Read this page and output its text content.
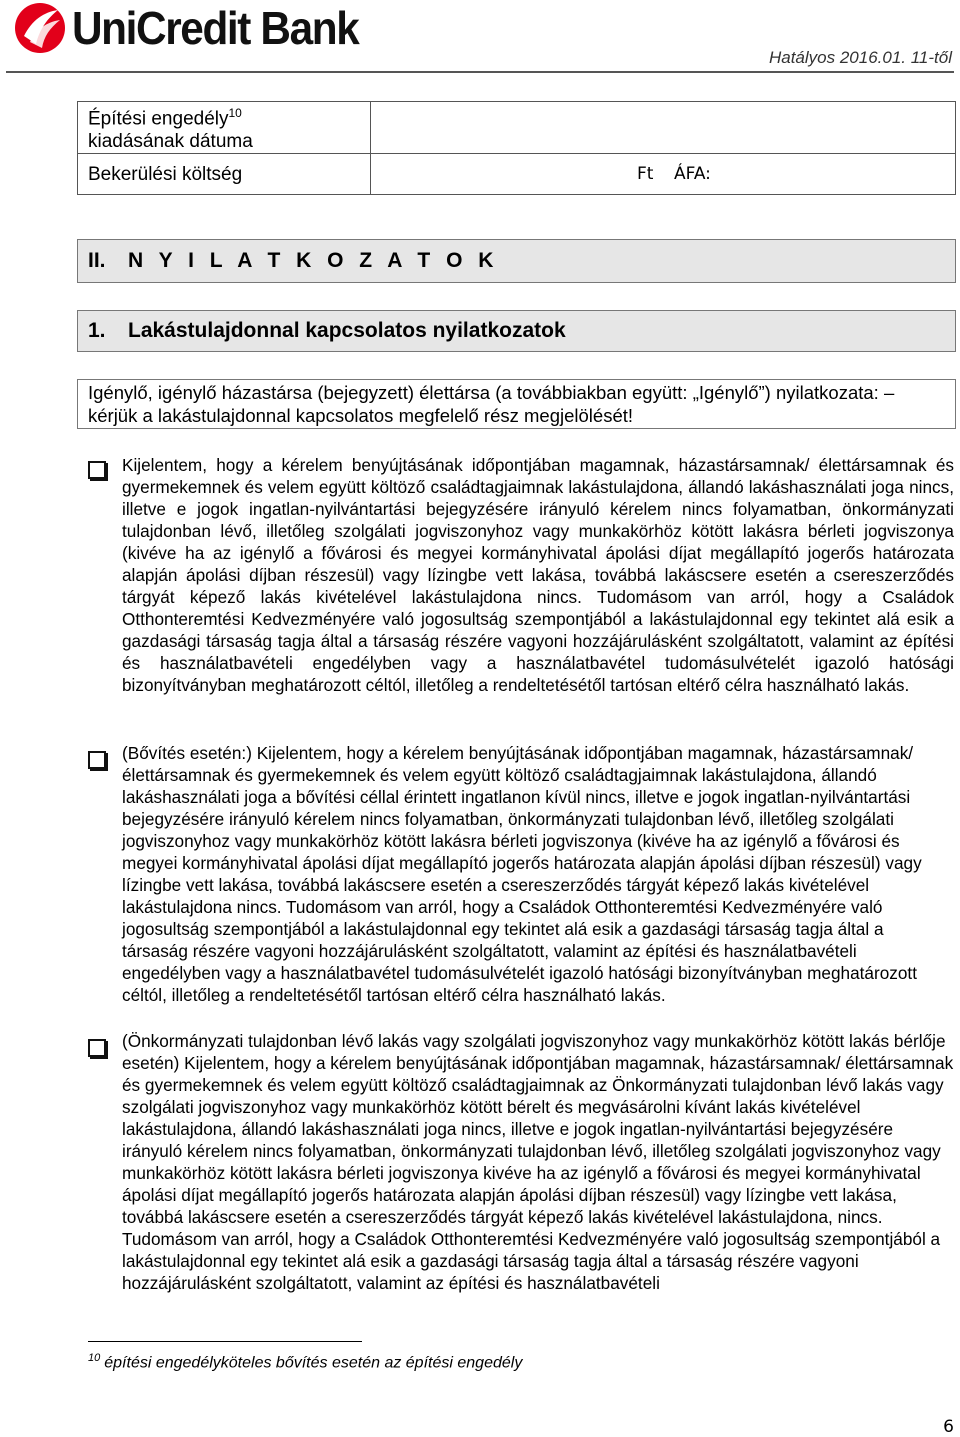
UniCredit Bank
Hatályos 2016.01. 11-től
Építési engedély$^{10}$
kiadásának dátuma	
Bekerülési költség	Ft ÁFA:
II.	N Y I L A T K O Z A T O K
1.	Lakástulajdonnal kapcsolatos nyilatkozatok
Igénylő, igénylő házastársa (bejegyzett) élettársa (a továbbiakban együtt: „Igénylő”) nyilatkozata: – kérjük a lakástulajdonnal kapcsolatos megfelelő rész megjelölését!

Kijelentem, hogy a kérelem benyújtásának időpontjában magamnak, házastársamnak/ élettársamnak és gyermekemnek és velem együtt költöző családtagjaimnak lakástulajdona, állandó lakáshasználati joga nincs, illetve e jogok ingatlan-nyilvántartási bejegyzésére irányuló kérelem nincs folyamatban, önkormányzati tulajdonban lévő, illetőleg szolgálati jogviszonyhoz vagy munkakörhöz kötött lakásra bérleti jogviszonya (kivéve ha az igénylő a fővárosi és megyei kormányhivatal ápolási díjat megállapító jogerős határozata alapján ápolási díjban részesül) vagy lízingbe vett lakása, továbbá lakáscsere esetén a csereszerződés tárgyát képező lakás kivételével lakástulajdona nincs. Tudomásom van arról, hogy a Családok Otthonteremtési Kedvezményére való jogosultság szempontjából a lakástulajdonnal egy tekintet alá esik a gazdasági társaság tagja által a társaság részére vagyoni hozzájárulásként szolgáltatott, valamint az építési és használatbavételi engedélyben vagy a használatbavétel tudomásulvételét igazoló hatósági bizonyítványban meghatározott céltól, illetőleg a rendeltetésétől tartósan eltérő célra használható lakás.

(Bővítés esetén:) Kijelentem, hogy a kérelem benyújtásának időpontjában magamnak, házastársamnak/ élettársamnak és gyermekemnek és velem együtt költöző családtagjaimnak lakástulajdona, állandó lakáshasználati joga a bővítési céllal érintett ingatlanon kívül nincs, illetve e jogok ingatlan-nyilvántartási bejegyzésére irányuló kérelem nincs folyamatban, önkormányzati tulajdonban lévő, illetőleg szolgálati jogviszonyhoz vagy munkakörhöz kötött lakásra bérleti jogviszonya (kivéve ha az igénylő a fővárosi és megyei kormányhivatal ápolási díjat megállapító jogerős határozata alapján ápolási díjban részesül) vagy lízingbe vett lakása, továbbá lakáscsere esetén a csereszerződés tárgyát képező lakás kivételével lakástulajdona nincs. Tudomásom van arról, hogy a Családok Otthonteremtési Kedvezményére való jogosultság szempontjából a lakástulajdonnal egy tekintet alá esik a gazdasági társaság tagja által a társaság részére vagyoni hozzájárulásként szolgáltatott, valamint az építési és használatbavételi engedélyben vagy a használatbavétel tudomásulvételét igazoló hatósági bizonyítványban meghatározott céltól, illetőleg a rendeltetésétől tartósan eltérő célra használható lakás.

(Önkormányzati tulajdonban lévő lakás vagy szolgálati jogviszonyhoz vagy munkakörhöz kötött lakás bérlője esetén) Kijelentem, hogy a kérelem benyújtásának időpontjában magamnak, házastársamnak/ élettársamnak és gyermekemnek és velem együtt költöző családtagjaimnak az Önkormányzati tulajdonban lévő lakás vagy szolgálati jogviszonyhoz vagy munkakörhöz kötött bérelt és megvásárolni kívánt lakás kivételével lakástulajdona, állandó lakáshasználati joga nincs, illetve e jogok ingatlan-nyilvántartási bejegyzésére irányuló kérelem nincs folyamatban, önkormányzati tulajdonban lévő, illetőleg szolgálati jogviszonyhoz vagy munkakörhöz kötött lakásra bérleti jogviszonya kivéve ha az igénylő a fővárosi és megyei kormányhivatal ápolási díjat megállapító jogerős határozata alapján ápolási díjban részesül) vagy lízingbe vett lakása, továbbá lakáscsere esetén a csereszerződés tárgyát képező lakás kivételével lakástulajdona, nincs. Tudomásom van arról, hogy a Családok Otthonteremtési Kedvezményére való jogosultság szempontjából a lakástulajdonnal egy tekintet alá esik a gazdasági társaság tagja által a társaság részére vagyoni hozzájárulásként szolgáltatott, valamint az építési és használatbavételi

$^{10}$ építési engedélyköteles bővítés esetén az építési engedély
6
